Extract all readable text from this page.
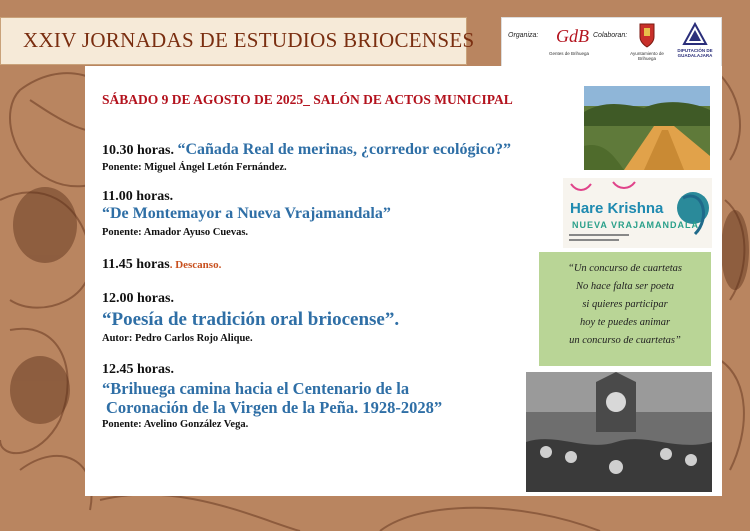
XXIV JORNADAS DE ESTUDIOS BRIOCENSES	Organiza: GdB
Gentes de Brihuega
Colaboran:
Ayuntamiento de Brihuega
DIPUTACIÓN DE GUADALAJARA
SÁBADO 9 DE AGOSTO DE 2025_ SALÓN DE ACTOS MUNICIPAL
10.30 horas. “Cañada Real de merinas, ¿corredor ecológico?”
Ponente: Miguel Ángel Letón Fernández.
11.00 horas.
“De Montemayor a Nueva Vrajamandala”
Ponente: Amador Ayuso Cuevas.
11.45 horas. Descanso.
12.00 horas.
“Poesía de tradición oral briocense”.
Autor: Pedro Carlos Rojo Alique.
12.45 horas.
“Brihuega camina hacia el Centenario de la
Coronación de la Virgen de la Peña. 1928-2028”
Ponente: Avelino González Vega.
Hare Krishna
NUEVA VRAJAMANDALA
“Un concurso de cuartetas
No hace falta ser poeta
si quieres participar
hoy te puedes animar
un concurso de cuartetas”
